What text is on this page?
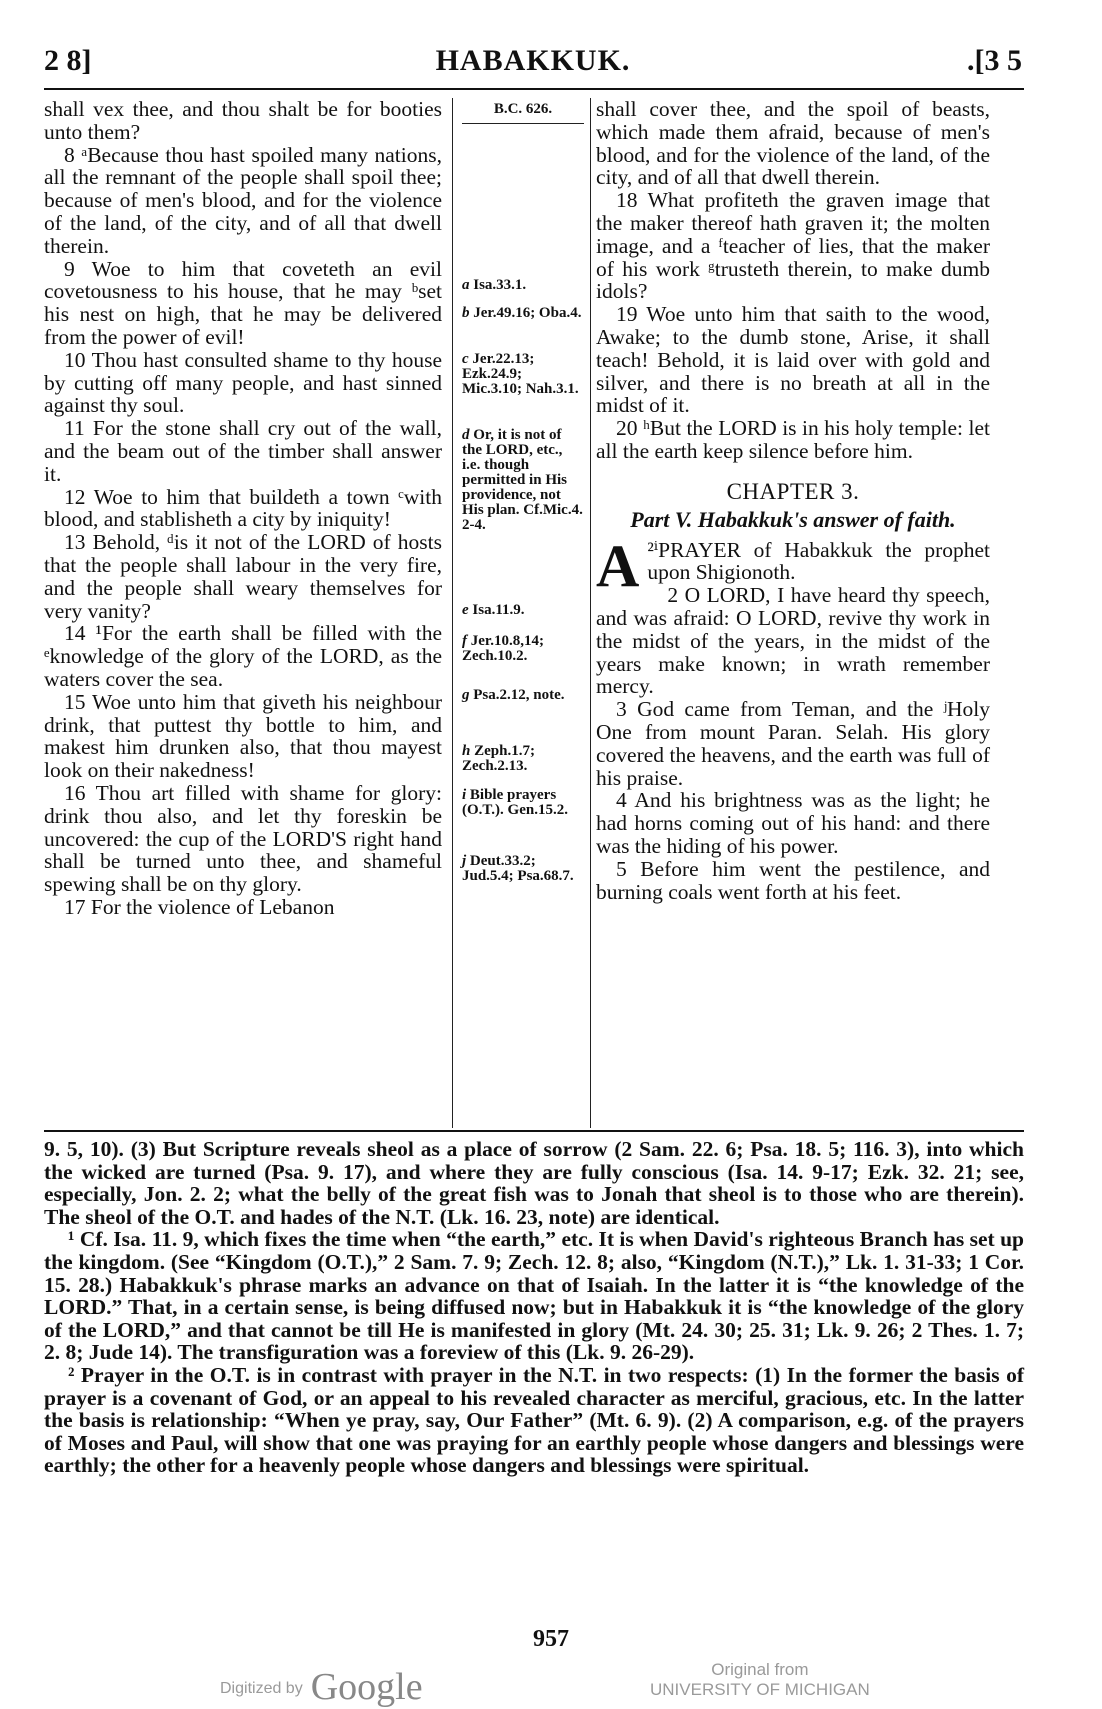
2 8]	HABAKKUK.	.[3 5

shall vex thee, and thou shalt be for booties unto them?

8 ᵃBecause thou hast spoiled many nations, all the remnant of the people shall spoil thee; because of men's blood, and for the violence of the land, of the city, and of all that dwell therein.

9 Woe to him that coveteth an evil covetousness to his house, that he may ᵇset his nest on high, that he may be delivered from the power of evil!

10 Thou hast consulted shame to thy house by cutting off many people, and hast sinned against thy soul.

11 For the stone shall cry out of the wall, and the beam out of the timber shall answer it.

12 Woe to him that buildeth a town ᶜwith blood, and stablisheth a city by iniquity!

13 Behold, ᵈis it not of the LORD of hosts that the people shall labour in the very fire, and the people shall weary themselves for very vanity?

14 ¹For the earth shall be filled with the ᵉknowledge of the glory of the LORD, as the waters cover the sea.

15 Woe unto him that giveth his neighbour drink, that puttest thy bottle to him, and makest him drunken also, that thou mayest look on their nakedness!

16 Thou art filled with shame for glory: drink thou also, and let thy foreskin be uncovered: the cup of the LORD'S right hand shall be turned unto thee, and shameful spewing shall be on thy glory.

17 For the violence of Lebanon

B.C. 626.
a Isa.33.1.
b Jer.49.16; Oba.4.
c Jer.22.13; Ezk.24.9; Mic.3.10; Nah.3.1.
d Or, it is not of the LORD, etc., i.e. though permitted in His providence, not His plan. Cf.Mic.4. 2-4.
e Isa.11.9.
f Jer.10.8,14; Zech.10.2.
g Psa.2.12, note.
h Zeph.1.7; Zech.2.13.
i Bible prayers (O.T.). Gen.15.2.
j Deut.33.2; Jud.5.4; Psa.68.7.

shall cover thee, and the spoil of beasts, which made them afraid, because of men's blood, and for the violence of the land, of the city, and of all that dwell therein.

18 What profiteth the graven image that the maker thereof hath graven it; the molten image, and a ᶠteacher of lies, that the maker of his work ᵍtrusteth therein, to make dumb idols?

19 Woe unto him that saith to the wood, Awake; to the dumb stone, Arise, it shall teach! Behold, it is laid over with gold and silver, and there is no breath at all in the midst of it.

20 ʰBut the LORD is in his holy temple: let all the earth keep silence before him.

CHAPTER 3.
Part V. Habakkuk's answer of faith.

A ²ⁱPRAYER of Habakkuk the prophet upon Shigionoth.

2 O LORD, I have heard thy speech, and was afraid: O LORD, revive thy work in the midst of the years, in the midst of the years make known; in wrath remember mercy.

3 God came from Teman, and the ʲHoly One from mount Paran. Selah. His glory covered the heavens, and the earth was full of his praise.

4 And his brightness was as the light; he had horns coming out of his hand: and there was the hiding of his power.

5 Before him went the pestilence, and burning coals went forth at his feet.

9. 5, 10). (3) But Scripture reveals sheol as a place of sorrow (2 Sam. 22. 6; Psa. 18. 5; 116. 3), into which the wicked are turned (Psa. 9. 17), and where they are fully conscious (Isa. 14. 9-17; Ezk. 32. 21; see, especially, Jon. 2. 2; what the belly of the great fish was to Jonah that sheol is to those who are therein). The sheol of the O.T. and hades of the N.T. (Lk. 16. 23, note) are identical.

¹ Cf. Isa. 11. 9, which fixes the time when “the earth,” etc. It is when David's righteous Branch has set up the kingdom. (See “Kingdom (O.T.),” 2 Sam. 7. 9; Zech. 12. 8; also, “Kingdom (N.T.),” Lk. 1. 31-33; 1 Cor. 15. 28.) Habakkuk's phrase marks an advance on that of Isaiah. In the latter it is “the knowledge of the LORD.” That, in a certain sense, is being diffused now; but in Habakkuk it is “the knowledge of the glory of the LORD,” and that cannot be till He is manifested in glory (Mt. 24. 30; 25. 31; Lk. 9. 26; 2 Thes. 1. 7; 2. 8; Jude 14). The transfiguration was a foreview of this (Lk. 9. 26-29).

² Prayer in the O.T. is in contrast with prayer in the N.T. in two respects: (1) In the former the basis of prayer is a covenant of God, or an appeal to his revealed character as merciful, gracious, etc. In the latter the basis is relationship: “When ye pray, say, Our Father” (Mt. 6. 9). (2) A comparison, e.g. of the prayers of Moses and Paul, will show that one was praying for an earthly people whose dangers and blessings were earthly; the other for a heavenly people whose dangers and blessings were spiritual.

957
Digitized by Google	Original from
UNIVERSITY OF MICHIGAN
